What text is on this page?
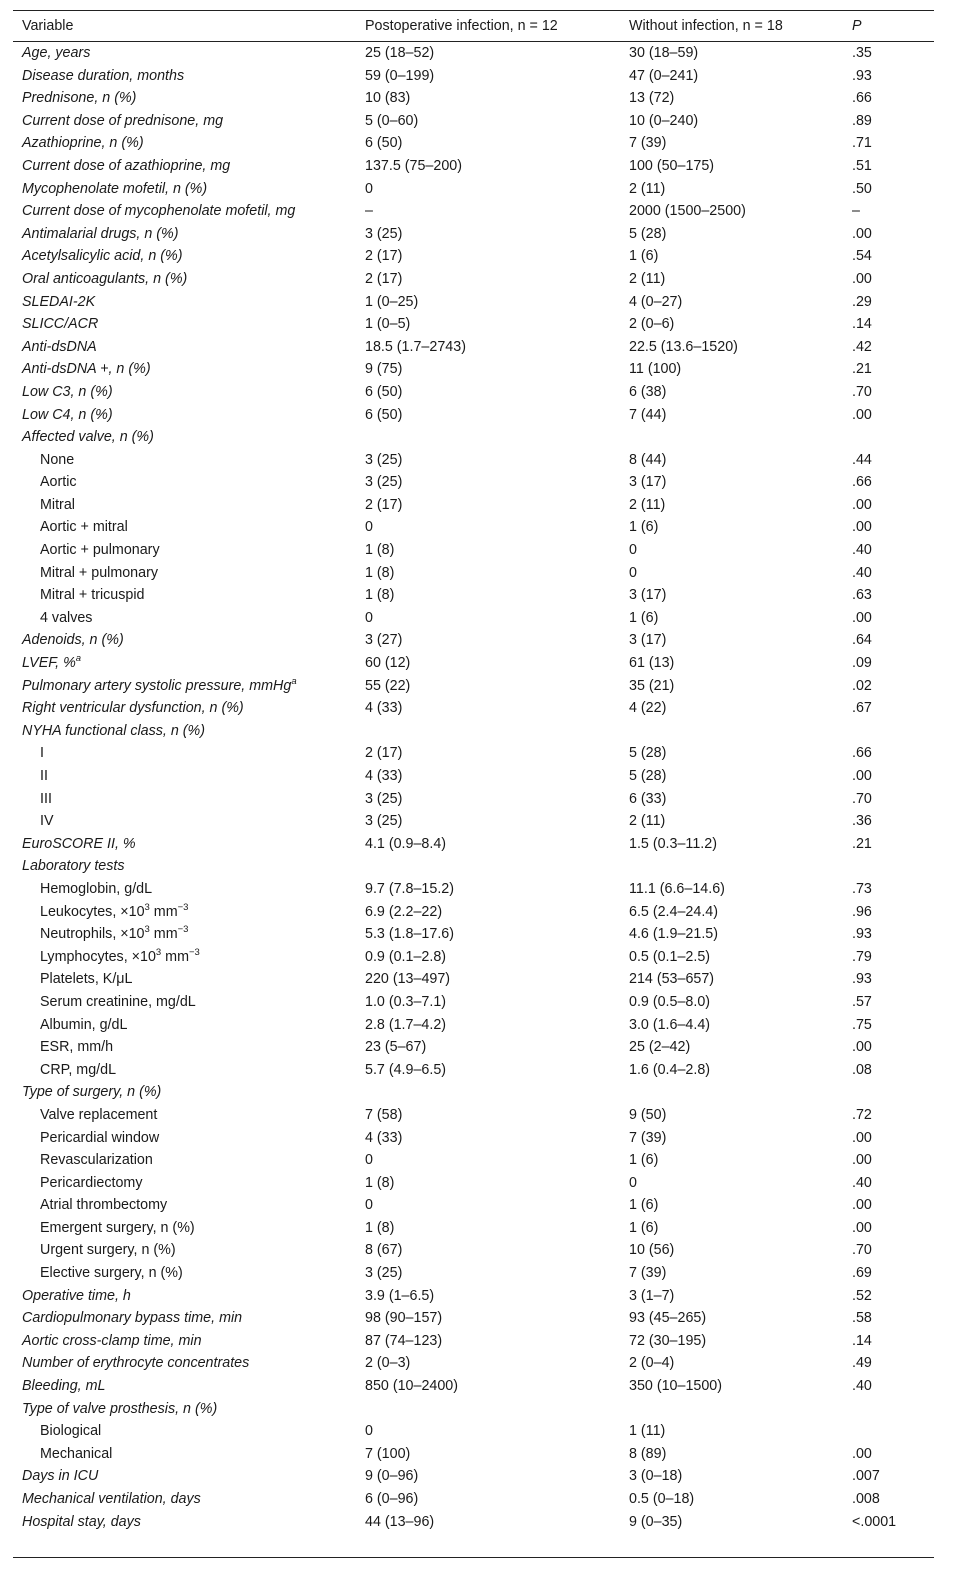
Variable	Postoperative infection, n = 12	Without infection, n = 18	P
Age, years	25 (18–52)	30 (18–59)	.35
Disease duration, months	59 (0–199)	47 (0–241)	.93
Prednisone, n (%)	10 (83)	13 (72)	.66
Current dose of prednisone, mg	5 (0–60)	10 (0–240)	.89
Azathioprine, n (%)	6 (50)	7 (39)	.71
Current dose of azathioprine, mg	137.5 (75–200)	100 (50–175)	.51
Mycophenolate mofetil, n (%)	0	2 (11)	.50
Current dose of mycophenolate mofetil, mg	–	2000 (1500–2500)	–
Antimalarial drugs, n (%)	3 (25)	5 (28)	.00
Acetylsalicylic acid, n (%)	2 (17)	1 (6)	.54
Oral anticoagulants, n (%)	2 (17)	2 (11)	.00
SLEDAI-2K	1 (0–25)	4 (0–27)	.29
SLICC/ACR	1 (0–5)	2 (0–6)	.14
Anti-dsDNA	18.5 (1.7–2743)	22.5 (13.6–1520)	.42
Anti-dsDNA +, n (%)	9 (75)	11 (100)	.21
Low C3, n (%)	6 (50)	6 (38)	.70
Low C4, n (%)	6 (50)	7 (44)	.00
Affected valve, n (%)
None	3 (25)	8 (44)	.44
Aortic	3 (25)	3 (17)	.66
Mitral	2 (17)	2 (11)	.00
Aortic + mitral	0	1 (6)	.00
Aortic + pulmonary	1 (8)	0	.40
Mitral + pulmonary	1 (8)	0	.40
Mitral + tricuspid	1 (8)	3 (17)	.63
4 valves	0	1 (6)	.00
Adenoids, n (%)	3 (27)	3 (17)	.64
LVEF, %$^a$	60 (12)	61 (13)	.09
Pulmonary artery systolic pressure, mmHg$^a$	55 (22)	35 (21)	.02
Right ventricular dysfunction, n (%)	4 (33)	4 (22)	.67
NYHA functional class, n (%)
I	2 (17)	5 (28)	.66
II	4 (33)	5 (28)	.00
III	3 (25)	6 (33)	.70
IV	3 (25)	2 (11)	.36
EuroSCORE II, %	4.1 (0.9–8.4)	1.5 (0.3–11.2)	.21
Laboratory tests
Hemoglobin, g/dL	9.7 (7.8–15.2)	11.1 (6.6–14.6)	.73
Leukocytes, $\times 10^3$ $mm^{-3}$	6.9 (2.2–22)	6.5 (2.4–24.4)	.96
Neutrophils, $\times 10^3$ $mm^{-3}$	5.3 (1.8–17.6)	4.6 (1.9–21.5)	.93
Lymphocytes, $\times 10^3$ $mm^{-3}$	0.9 (0.1–2.8)	0.5 (0.1–2.5)	.79
Platelets, K/μL	220 (13–497)	214 (53–657)	.93
Serum creatinine, mg/dL	1.0 (0.3–7.1)	0.9 (0.5–8.0)	.57
Albumin, g/dL	2.8 (1.7–4.2)	3.0 (1.6–4.4)	.75
ESR, mm/h	23 (5–67)	25 (2–42)	.00
CRP, mg/dL	5.7 (4.9–6.5)	1.6 (0.4–2.8)	.08
Type of surgery, n (%)
Valve replacement	7 (58)	9 (50)	.72
Pericardial window	4 (33)	7 (39)	.00
Revascularization	0	1 (6)	.00
Pericardiectomy	1 (8)	0	.40
Atrial thrombectomy	0	1 (6)	.00
Emergent surgery, n (%)	1 (8)	1 (6)	.00
Urgent surgery, n (%)	8 (67)	10 (56)	.70
Elective surgery, n (%)	3 (25)	7 (39)	.69
Operative time, h	3.9 (1–6.5)	3 (1–7)	.52
Cardiopulmonary bypass time, min	98 (90–157)	93 (45–265)	.58
Aortic cross-clamp time, min	87 (74–123)	72 (30–195)	.14
Number of erythrocyte concentrates	2 (0–3)	2 (0–4)	.49
Bleeding, mL	850 (10–2400)	350 (10–1500)	.40
Type of valve prosthesis, n (%)
Biological	0	1 (11)
Mechanical	7 (100)	8 (89)	.00
Days in ICU	9 (0–96)	3 (0–18)	.007
Mechanical ventilation, days	6 (0–96)	0.5 (0–18)	.008
Hospital stay, days	44 (13–96)	9 (0–35)	<.0001
